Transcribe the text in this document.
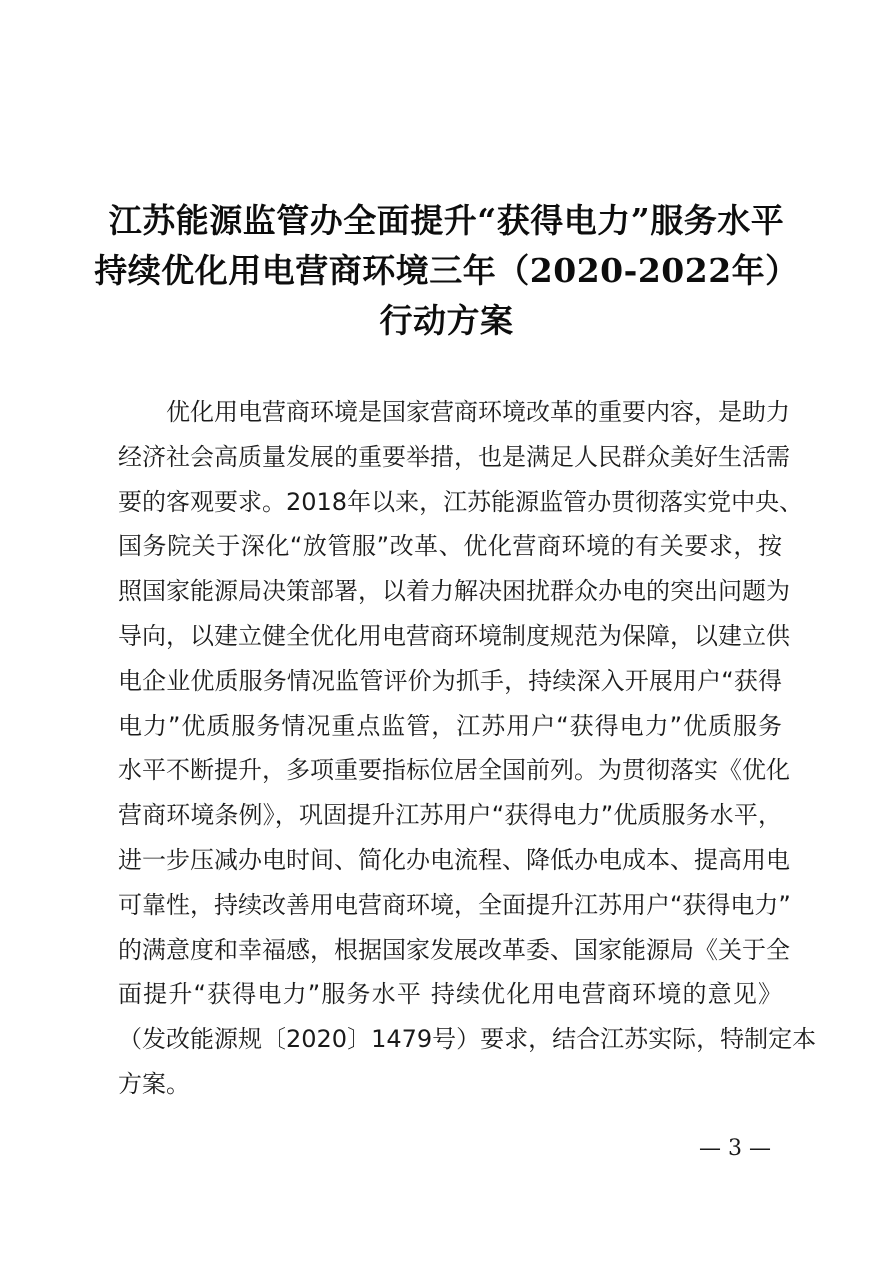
江苏能源监管办全面提升“获得电力”服务水平
持续优化用电营商环境三年（2020-2022年）
行动方案
优化用电营商环境是国家营商环境改革的重要内容，是助力
经济社会高质量发展的重要举措，也是满足人民群众美好生活需
要的客观要求。2018年以来，江苏能源监管办贯彻落实党中央、
国务院关于深化“放管服”改革、优化营商环境的有关要求，按
照国家能源局决策部署，以着力解决困扰群众办电的突出问题为
导向，以建立健全优化用电营商环境制度规范为保障，以建立供
电企业优质服务情况监管评价为抓手，持续深入开展用户“获得
电力”优质服务情况重点监管，江苏用户“获得电力”优质服务
水平不断提升，多项重要指标位居全国前列。为贯彻落实《优化
营商环境条例》，巩固提升江苏用户“获得电力”优质服务水平，
进一步压减办电时间、简化办电流程、降低办电成本、提高用电
可靠性，持续改善用电营商环境，全面提升江苏用户“获得电力”
的满意度和幸福感，根据国家发展改革委、国家能源局《关于全
面提升“获得电力”服务水平 持续优化用电营商环境的意见》
（发改能源规〔2020〕1479号）要求，结合江苏实际，特制定本
方案。
— 3 —
